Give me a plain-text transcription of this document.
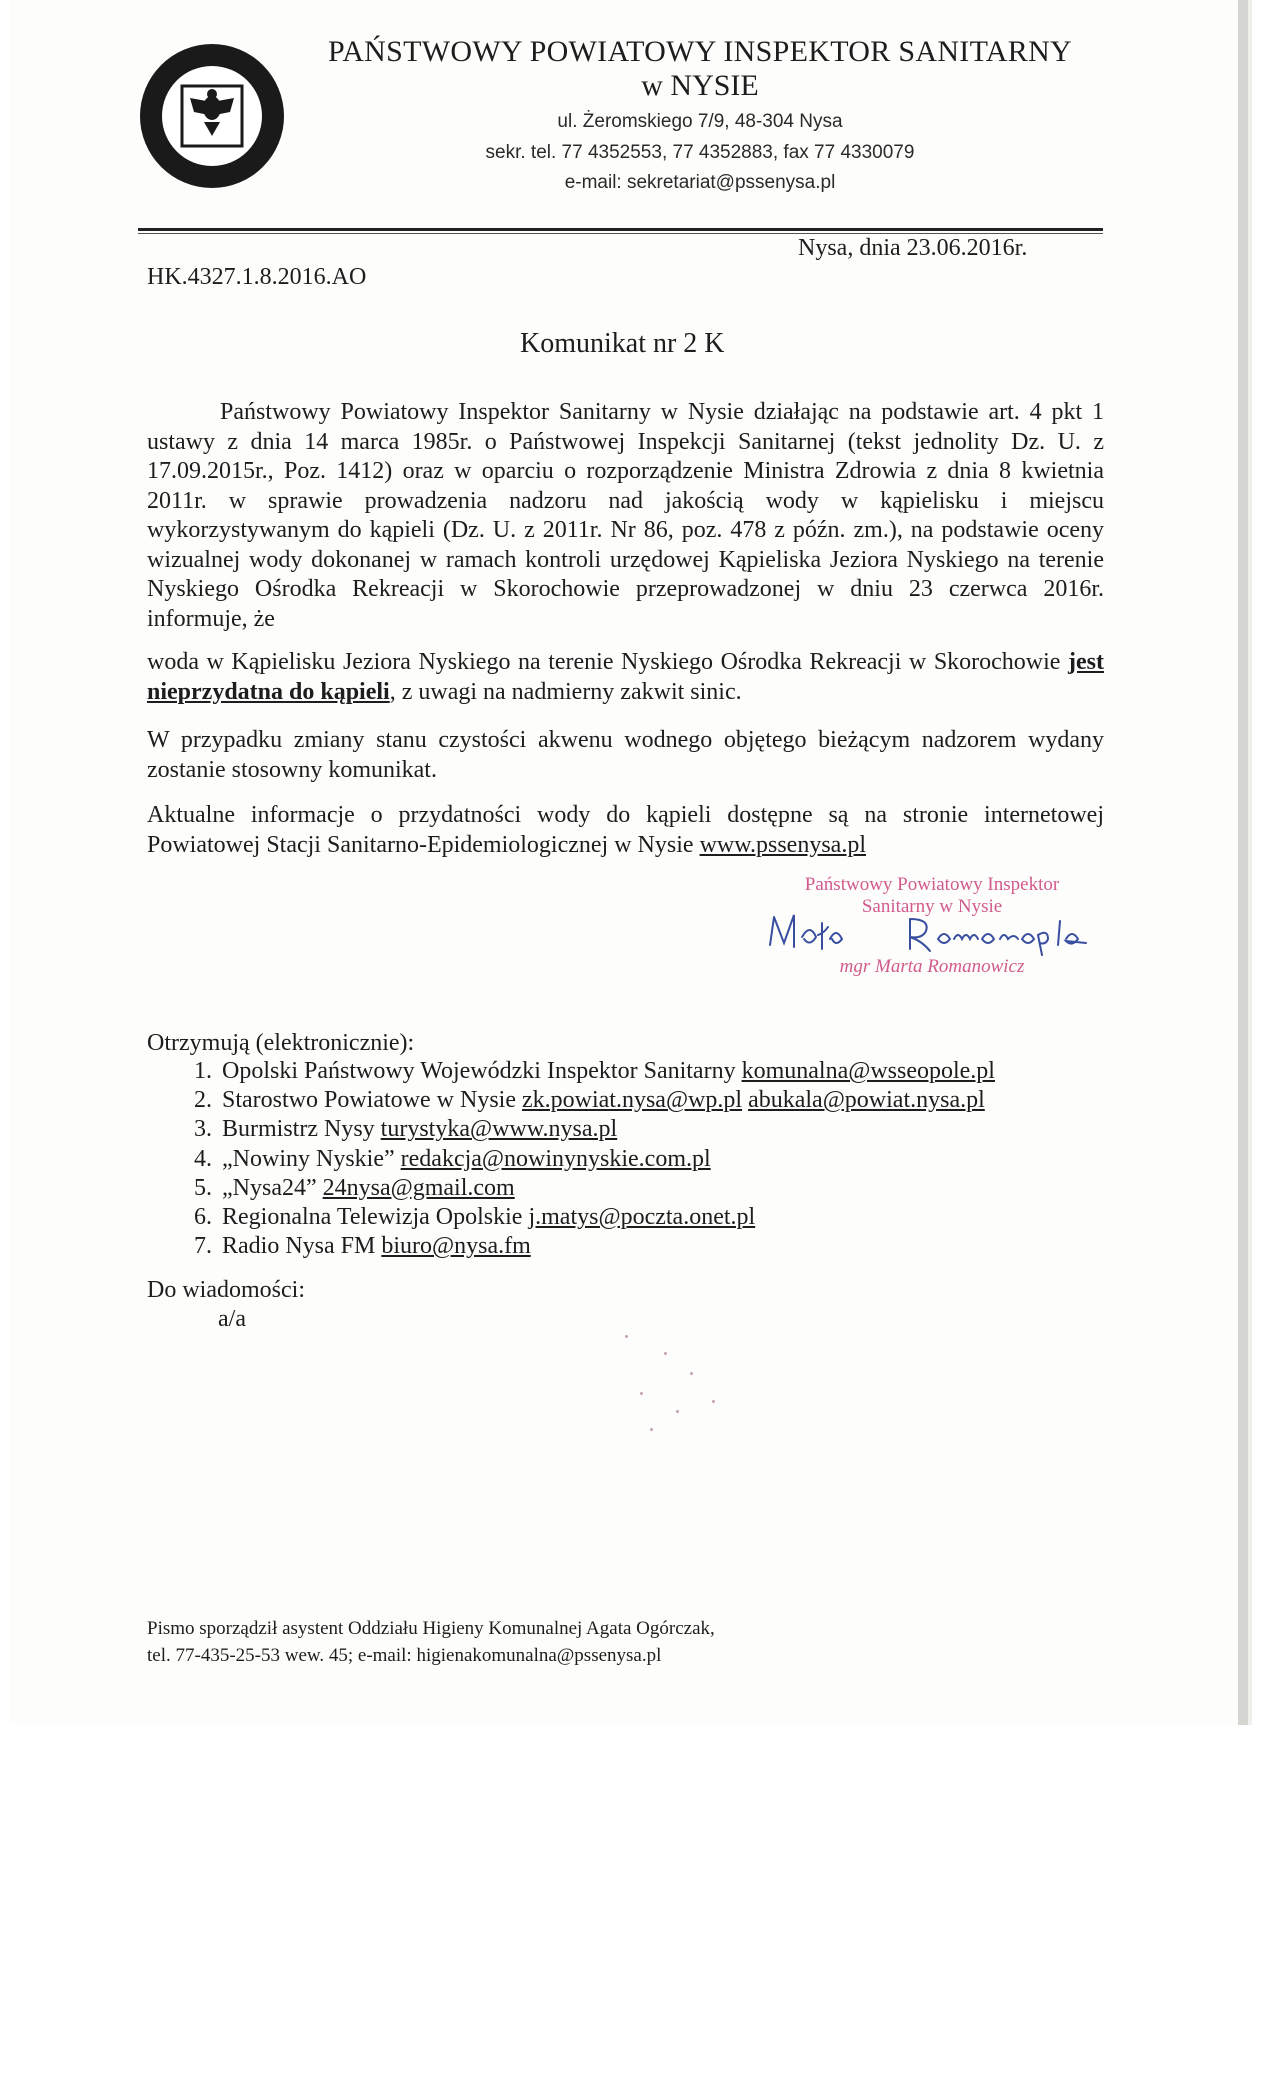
PAŃSTWOWY POWIATOWY INSPEKTOR SANITARNY
w NYSIE
ul. Żeromskiego 7/9, 48-304 Nysa
sekr. tel. 77 4352553, 77 4352883, fax 77 4330079
e-mail: sekretariat@pssenysa.pl
Nysa, dnia 23.06.2016r.
HK.4327.1.8.2016.AO
Komunikat nr 2 K
Państwowy Powiatowy Inspektor Sanitarny w Nysie działając na podstawie art. 4 pkt 1 ustawy z dnia 14 marca 1985r. o Państwowej Inspekcji Sanitarnej (tekst jednolity Dz. U. z 17.09.2015r., Poz. 1412) oraz w oparciu o rozporządzenie Ministra Zdrowia z dnia 8 kwietnia 2011r. w sprawie prowadzenia nadzoru nad jakością wody w kąpielisku i miejscu wykorzystywanym do kąpieli (Dz. U. z 2011r. Nr 86, poz. 478 z późn. zm.), na podstawie oceny wizualnej wody dokonanej w ramach kontroli urzędowej Kąpieliska Jeziora Nyskiego na terenie Nyskiego Ośrodka Rekreacji w Skorochowie przeprowadzonej w dniu 23 czerwca 2016r. informuje, że
woda w Kąpielisku Jeziora Nyskiego na terenie Nyskiego Ośrodka Rekreacji w Skorochowie jest nieprzydatna do kąpieli, z uwagi na nadmierny zakwit sinic.
W przypadku zmiany stanu czystości akwenu wodnego objętego bieżącym nadzorem wydany zostanie stosowny komunikat.
Aktualne informacje o przydatności wody do kąpieli dostępne są na stronie internetowej Powiatowej Stacji Sanitarno-Epidemiologicznej w Nysie www.pssenysa.pl
Państwowy Powiatowy Inspektor
Sanitarny w Nysie
mgr Marta Romanowicz
Otrzymują (elektronicznie):
1. Opolski Państwowy Wojewódzki Inspektor Sanitarny komunalna@wsseopole.pl
2. Starostwo Powiatowe w Nysie zk.powiat.nysa@wp.pl abukala@powiat.nysa.pl
3. Burmistrz Nysy turystyka@www.nysa.pl
4. „Nowiny Nyskie” redakcja@nowinynyskie.com.pl
5. „Nysa24” 24nysa@gmail.com
6. Regionalna Telewizja Opolskie j.matys@poczta.onet.pl
7. Radio Nysa FM biuro@nysa.fm
Do wiadomości:
a/a
Pismo sporządził asystent Oddziału Higieny Komunalnej Agata Ogórczak,
tel. 77-435-25-53 wew. 45; e-mail: higienakomunalna@pssenysa.pl
